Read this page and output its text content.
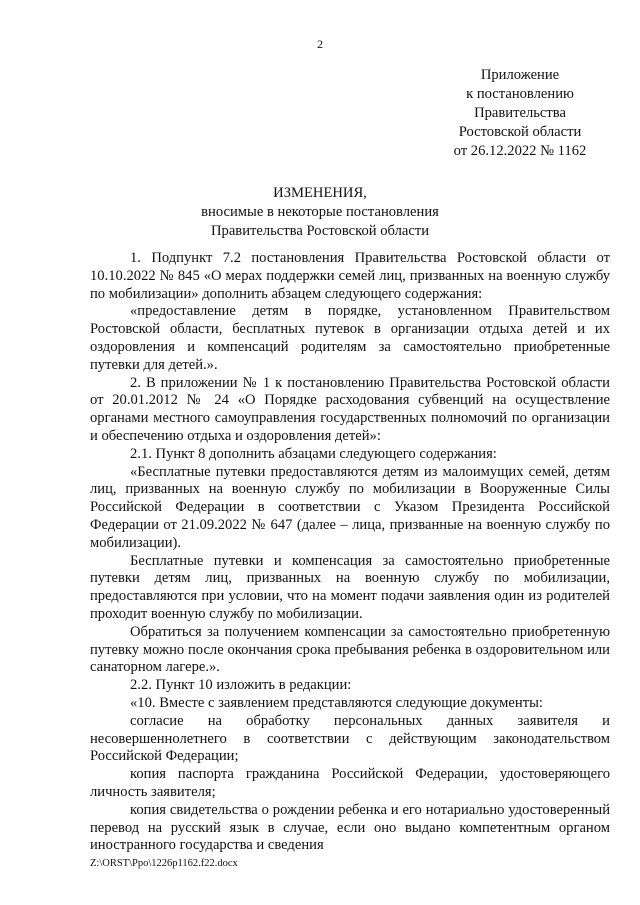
2
Приложение
к постановлению
Правительства
Ростовской области
от 26.12.2022 № 1162
ИЗМЕНЕНИЯ,
вносимые в некоторые постановления
Правительства Ростовской области

1. Подпункт 7.2 постановления Правительства Ростовской области от 10.10.2022 № 845 «О мерах поддержки семей лиц, призванных на военную службу по мобилизации» дополнить абзацем следующего содержания:

«предоставление детям в порядке, установленном Правительством Ростовской области, бесплатных путевок в организации отдыха детей и их оздоровления и компенсаций родителям за самостоятельно приобретенные путевки для детей.».

2. В приложении № 1 к постановлению Правительства Ростовской области от 20.01.2012 № 24 «О Порядке расходования субвенций на осуществление органами местного самоуправления государственных полномочий по организации и обеспечению отдыха и оздоровления детей»:

2.1. Пункт 8 дополнить абзацами следующего содержания:

«Бесплатные путевки предоставляются детям из малоимущих семей, детям лиц, призванных на военную службу по мобилизации в Вооруженные Силы Российской Федерации в соответствии с Указом Президента Российской Федерации от 21.09.2022 № 647 (далее – лица, призванные на военную службу по мобилизации).

Бесплатные путевки и компенсация за самостоятельно приобретенные путевки детям лиц, призванных на военную службу по мобилизации, предоставляются при условии, что на момент подачи заявления один из родителей проходит военную службу по мобилизации.

Обратиться за получением компенсации за самостоятельно приобретенную путевку можно после окончания срока пребывания ребенка в оздоровительном или санаторном лагере.».

2.2. Пункт 10 изложить в редакции:

«10. Вместе с заявлением представляются следующие документы:

согласие на обработку персональных данных заявителя и несовершеннолетнего в соответствии с действующим законодательством Российской Федерации;

копия паспорта гражданина Российской Федерации, удостоверяющего личность заявителя;

копия свидетельства о рождении ребенка и его нотариально удостоверенный перевод на русский язык в случае, если оно выдано компетентным органом иностранного государства и сведения

Z:\ORST\Ppo\1226p1162.f22.docx
